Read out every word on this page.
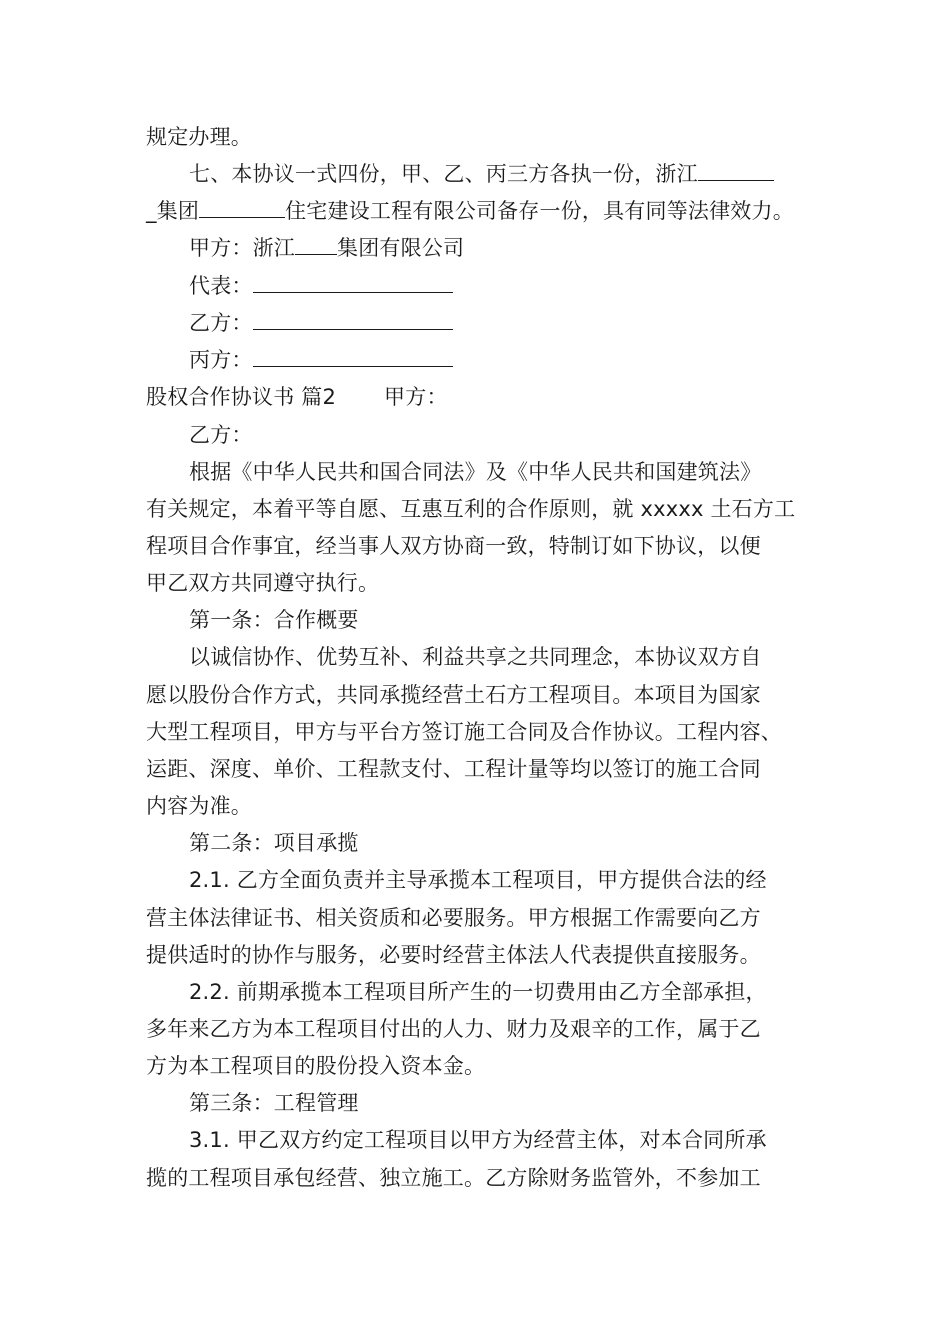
规定办理。
七、本协议一式四份，甲、乙、丙三方各执一份，浙江
_集团	住宅建设工程有限公司备存一份，具有同等法律效力。
甲方：浙江 集团有限公司
代表：
乙方：
丙方：
股权合作协议书 篇2 甲方：
乙方：
根据《中华人民共和国合同法》及《中华人民共和国建筑法》
有关规定，本着平等自愿、互惠互利的合作原则，就 xxxxx 土石方工
程项目合作事宜，经当事人双方协商一致，特制订如下协议，以便
甲乙双方共同遵守执行。
第一条：合作概要
以诚信协作、优势互补、利益共享之共同理念，本协议双方自
愿以股份合作方式，共同承揽经营土石方工程项目。本项目为国家
大型工程项目，甲方与平台方签订施工合同及合作协议。工程内容、
运距、深度、单价、工程款支付、工程计量等均以签订的施工合同
内容为准。
第二条：项目承揽
2.1. 乙方全面负责并主导承揽本工程项目，甲方提供合法的经
营主体法律证书、相关资质和必要服务。甲方根据工作需要向乙方
提供适时的协作与服务，必要时经营主体法人代表提供直接服务。
2.2. 前期承揽本工程项目所产生的一切费用由乙方全部承担，
多年来乙方为本工程项目付出的人力、财力及艰辛的工作，属于乙
方为本工程项目的股份投入资本金。
第三条：工程管理
3.1. 甲乙双方约定工程项目以甲方为经营主体，对本合同所承
揽的工程项目承包经营、独立施工。乙方除财务监管外，不参加工
